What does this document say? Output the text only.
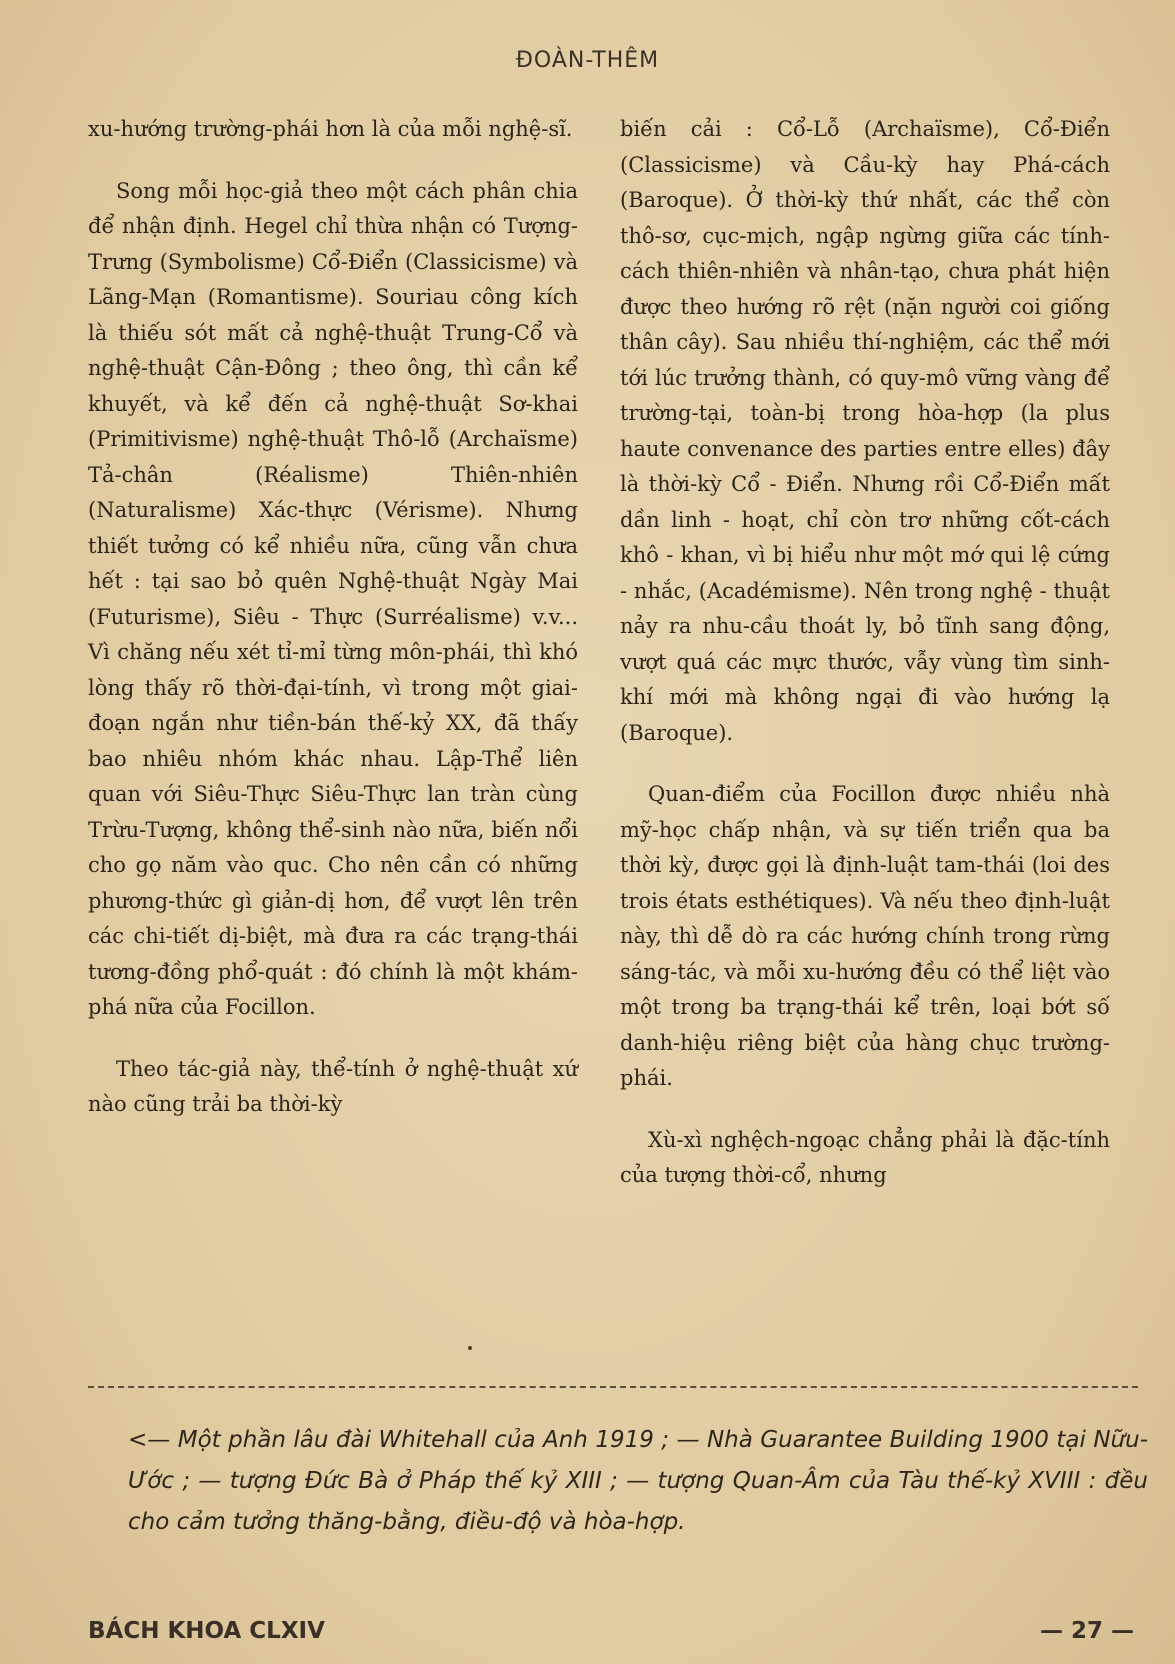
ĐOÀN-THÊM

xu-hướng trường-phái hơn là của mỗi nghệ-sĩ.

Song mỗi học-giả theo một cách phân chia để nhận định. Hegel chỉ thừa nhận có Tượng-Trưng (Symbolisme) Cổ-Điển (Classicisme) và Lãng-Mạn (Romantisme). Souriau công kích là thiếu sót mất cả nghệ-thuật Trung-Cổ và nghệ-thuật Cận-Đông ; theo ông, thì cần kể khuyết, và kể đến cả nghệ-thuật Sơ-khai (Primitivisme) nghệ-thuật Thô-lỗ (Archaïsme) Tả-chân (Réalisme) Thiên-nhiên (Naturalisme) Xác-thực (Vérisme). Nhưng thiết tưởng có kể nhiều nữa, cũng vẫn chưa hết : tại sao bỏ quên Nghệ-thuật Ngày Mai (Futurisme), Siêu - Thực (Surréalisme) v.v... Vì chăng nếu xét tỉ-mỉ từng môn-phái, thì khó lòng thấy rõ thời-đại-tính, vì trong một giai-đoạn ngắn như tiền-bán thế-kỷ XX, đã thấy bao nhiêu nhóm khác nhau. Lập-Thể liên quan với Siêu-Thực Siêu-Thực lan tràn cùng Trừu-Tượng, không thể-sinh nào nữa, biến nổi cho gọ năm vào quc. Cho nên cần có những phương-thức gì giản-dị hơn, để vượt lên trên các chi-tiết dị-biệt, mà đưa ra các trạng-thái tương-đồng phổ-quát : đó chính là một khám-phá nữa của Focillon.

Theo tác-giả này, thể-tính ở nghệ-thuật xứ nào cũng trải ba thời-kỳ

biến cải : Cổ-Lỗ (Archaïsme), Cổ-Điển (Classicisme) và Cầu-kỳ hay Phá-cách (Baroque). Ở thời-kỳ thứ nhất, các thể còn thô-sơ, cục-mịch, ngập ngừng giữa các tính-cách thiên-nhiên và nhân-tạo, chưa phát hiện được theo hướng rõ rệt (nặn người coi giống thân cây). Sau nhiều thí-nghiệm, các thể mới tới lúc trưởng thành, có quy-mô vững vàng để trường-tại, toàn-bị trong hòa-hợp (la plus haute convenance des parties entre elles) đây là thời-kỳ Cổ - Điển. Nhưng rồi Cổ-Điển mất dần linh - hoạt, chỉ còn trơ những cốt-cách khô - khan, vì bị hiểu như một mớ qui lệ cứng - nhắc, (Académisme). Nên trong nghệ - thuật nảy ra nhu-cầu thoát ly, bỏ tĩnh sang động, vượt quá các mực thước, vẫy vùng tìm sinh-khí mới mà không ngại đi vào hướng lạ (Baroque).

Quan-điểm của Focillon được nhiều nhà mỹ-học chấp nhận, và sự tiến triển qua ba thời kỳ, được gọi là định-luật tam-thái (loi des trois états esthétiques). Và nếu theo định-luật này, thì dễ dò ra các hướng chính trong rừng sáng-tác, và mỗi xu-hướng đều có thể liệt vào một trong ba trạng-thái kể trên, loại bớt số danh-hiệu riêng biệt của hàng chục trường-phái.

Xù-xì nghệch-ngoạc chẳng phải là đặc-tính của tượng thời-cổ, nhưng

<— Một phần lâu đài Whitehall của Anh 1919 ; — Nhà Guarantee Building 1900 tại Nữu-Ước ; — tượng Đức Bà ở Pháp thế kỷ XIII ; — tượng Quan-Âm của Tàu thế-kỷ XVIII : đều cho cảm tưởng thăng-bằng, điều-độ và hòa-hợp.
BÁCH KHOA CLXIV	— 27 —
